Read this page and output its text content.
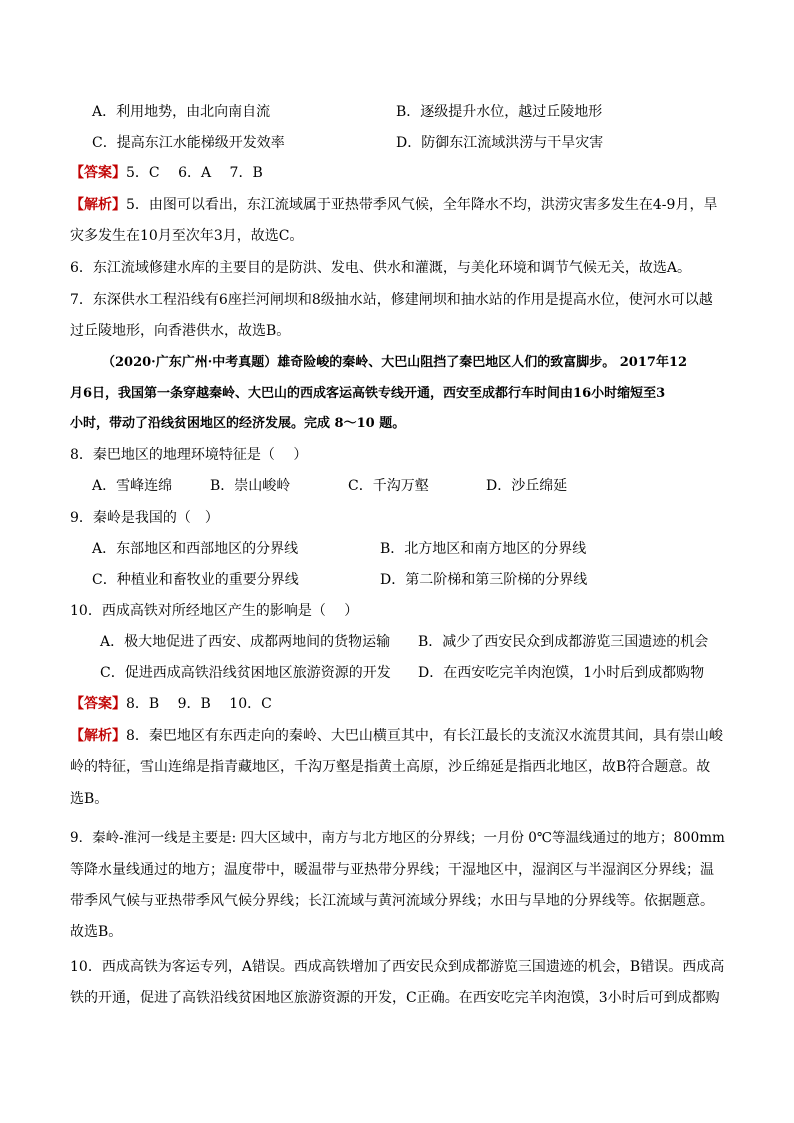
A．利用地势，由北向南自流	B．逐级提升水位，越过丘陵地形
C．提高东江水能梯级开发效率	D．防御东江流域洪涝与干旱灾害
【答案】5．C　 6．A　 7．B
【解析】5．由图可以看出，东江流域属于亚热带季风气候，全年降水不均，洪涝灾害多发生在4-9月，旱
灾多发生在10月至次年3月，故选C。
6．东江流域修建水库的主要目的是防洪、发电、供水和灌溉，与美化环境和调节气候无关，故选A。
7．东深供水工程沿线有6座拦河闸坝和8级抽水站，修建闸坝和抽水站的作用是提高水位，使河水可以越
过丘陵地形，向香港供水，故选B。
（2020·广东广州·中考真题）雄奇险峻的秦岭、大巴山阻挡了秦巴地区人们的致富脚步。 2017年12
月6日，我国第一条穿越秦岭、大巴山的西成客运高铁专线开通，西安至成都行车时间由16小时缩短至3
小时，带动了沿线贫困地区的经济发展。完成 8～10 题。
8．秦巴地区的地理环境特征是（　 ）
A．雪峰连绵	B．崇山峻岭	C．千沟万壑	D．沙丘绵延
9．秦岭是我国的（　）
A．东部地区和西部地区的分界线	B．北方地区和南方地区的分界线
C．种植业和畜牧业的重要分界线	D．第二阶梯和第三阶梯的分界线
10．西成高铁对所经地区产生的影响是（　 ）
A．极大地促进了西安、成都两地间的货物运输 B．减少了西安民众到成都游览三国遗迹的机会
C．促进西成高铁沿线贫困地区旅游资源的开发 D．在西安吃完羊肉泡馍，1小时后到成都购物
【答案】8．B　 9．B　 10．C
【解析】8．秦巴地区有东西走向的秦岭、大巴山横亘其中，有长江最长的支流汉水流贯其间，具有崇山峻
岭的特征，雪山连绵是指青藏地区，千沟万壑是指黄土高原，沙丘绵延是指西北地区，故B符合题意。故
选B。
9．秦岭-淮河一线是主要是: 四大区域中，南方与北方地区的分界线；一月份 0℃等温线通过的地方；800mm
等降水量线通过的地方；温度带中，暖温带与亚热带分界线；干湿地区中，湿润区与半湿润区分界线；温
带季风气候与亚热带季风气候分界线；长江流域与黄河流域分界线；水田与旱地的分界线等。依据题意。
故选B。
10．西成高铁为客运专列，A错误。西成高铁增加了西安民众到成都游览三国遗迹的机会，B错误。西成高
铁的开通，促进了高铁沿线贫困地区旅游资源的开发，C正确。在西安吃完羊肉泡馍，3小时后可到成都购
